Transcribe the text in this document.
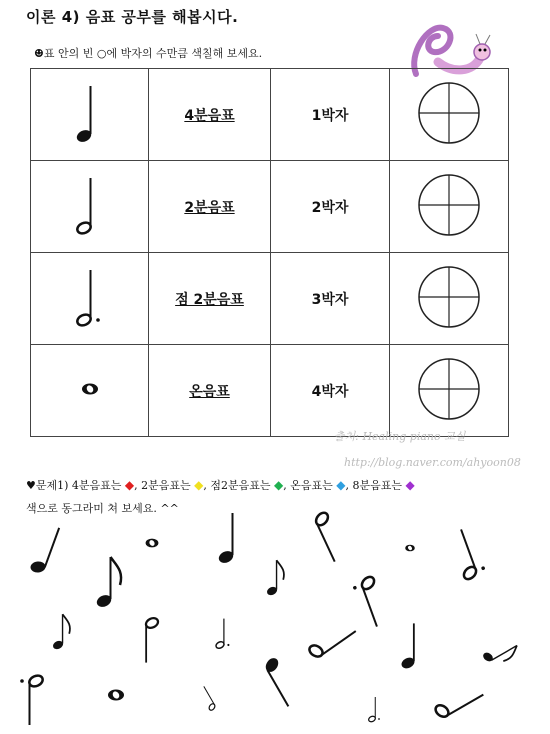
이론 4) 음표 공부를 해봅시다.
☻표 안의 빈 ○에 박자의 수만큼 색칠해 보세요.
	4분음표	1박자	
	2분음표	2박자	
	점 2분음표	3박자	
	온음표	4박자	
출처: Healing piano 교실
http://blog.naver.com/ahyoon08
♥문제1) 4분음표는 ◆, 2분음표는 ◆, 점2분음표는 ◆, 온음표는 ◆, 8분음표는 ◆
색으로 동그라미 쳐 보세요. ^^
